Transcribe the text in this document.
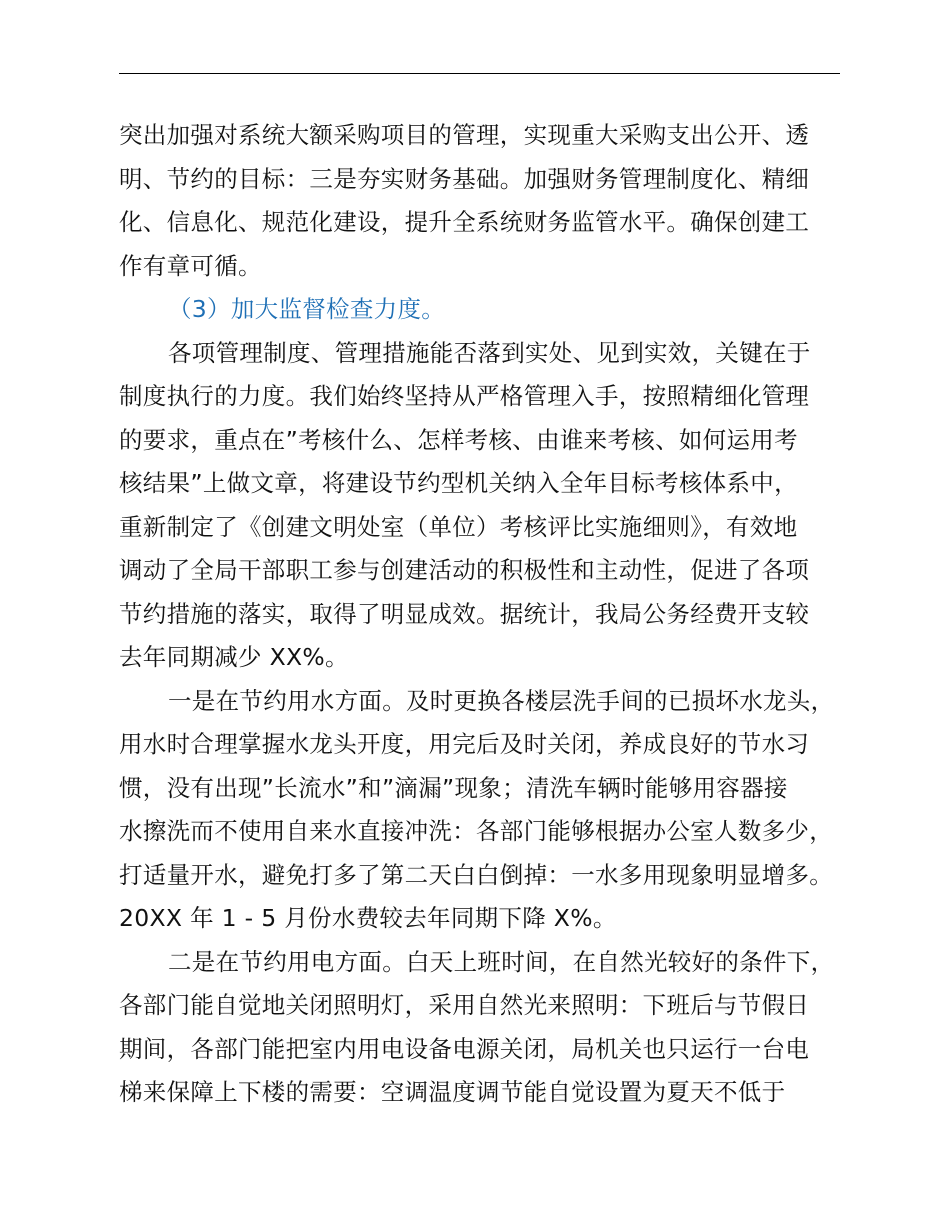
突出加强对系统大额采购项目的管理，实现重大采购支出公开、透
明、节约的目标：三是夯实财务基础。加强财务管理制度化、精细
化、信息化、规范化建设，提升全系统财务监管水平。确保创建工
作有章可循。
（3）加大监督检查力度。
各项管理制度、管理措施能否落到实处、见到实效，关键在于
制度执行的力度。我们始终坚持从严格管理入手，按照精细化管理
的要求，重点在”考核什么、怎样考核、由谁来考核、如何运用考
核结果”上做文章，将建设节约型机关纳入全年目标考核体系中，
重新制定了《创建文明处室（单位）考核评比实施细则》，有效地
调动了全局干部职工参与创建活动的积极性和主动性，促进了各项
节约措施的落实，取得了明显成效。据统计，我局公务经费开支较
去年同期减少 XX%。
一是在节约用水方面。及时更换各楼层洗手间的已损坏水龙头，
用水时合理掌握水龙头开度，用完后及时关闭，养成良好的节水习
惯，没有出现”长流水”和”滴漏”现象；清洗车辆时能够用容器接
水擦洗而不使用自来水直接冲洗：各部门能够根据办公室人数多少，
打适量开水，避免打多了第二天白白倒掉：一水多用现象明显增多。
20XX 年 1 - 5 月份水费较去年同期下降 X%。
二是在节约用电方面。白天上班时间，在自然光较好的条件下，
各部门能自觉地关闭照明灯，采用自然光来照明：下班后与节假日
期间，各部门能把室内用电设备电源关闭，局机关也只运行一台电
梯来保障上下楼的需要：空调温度调节能自觉设置为夏天不低于
